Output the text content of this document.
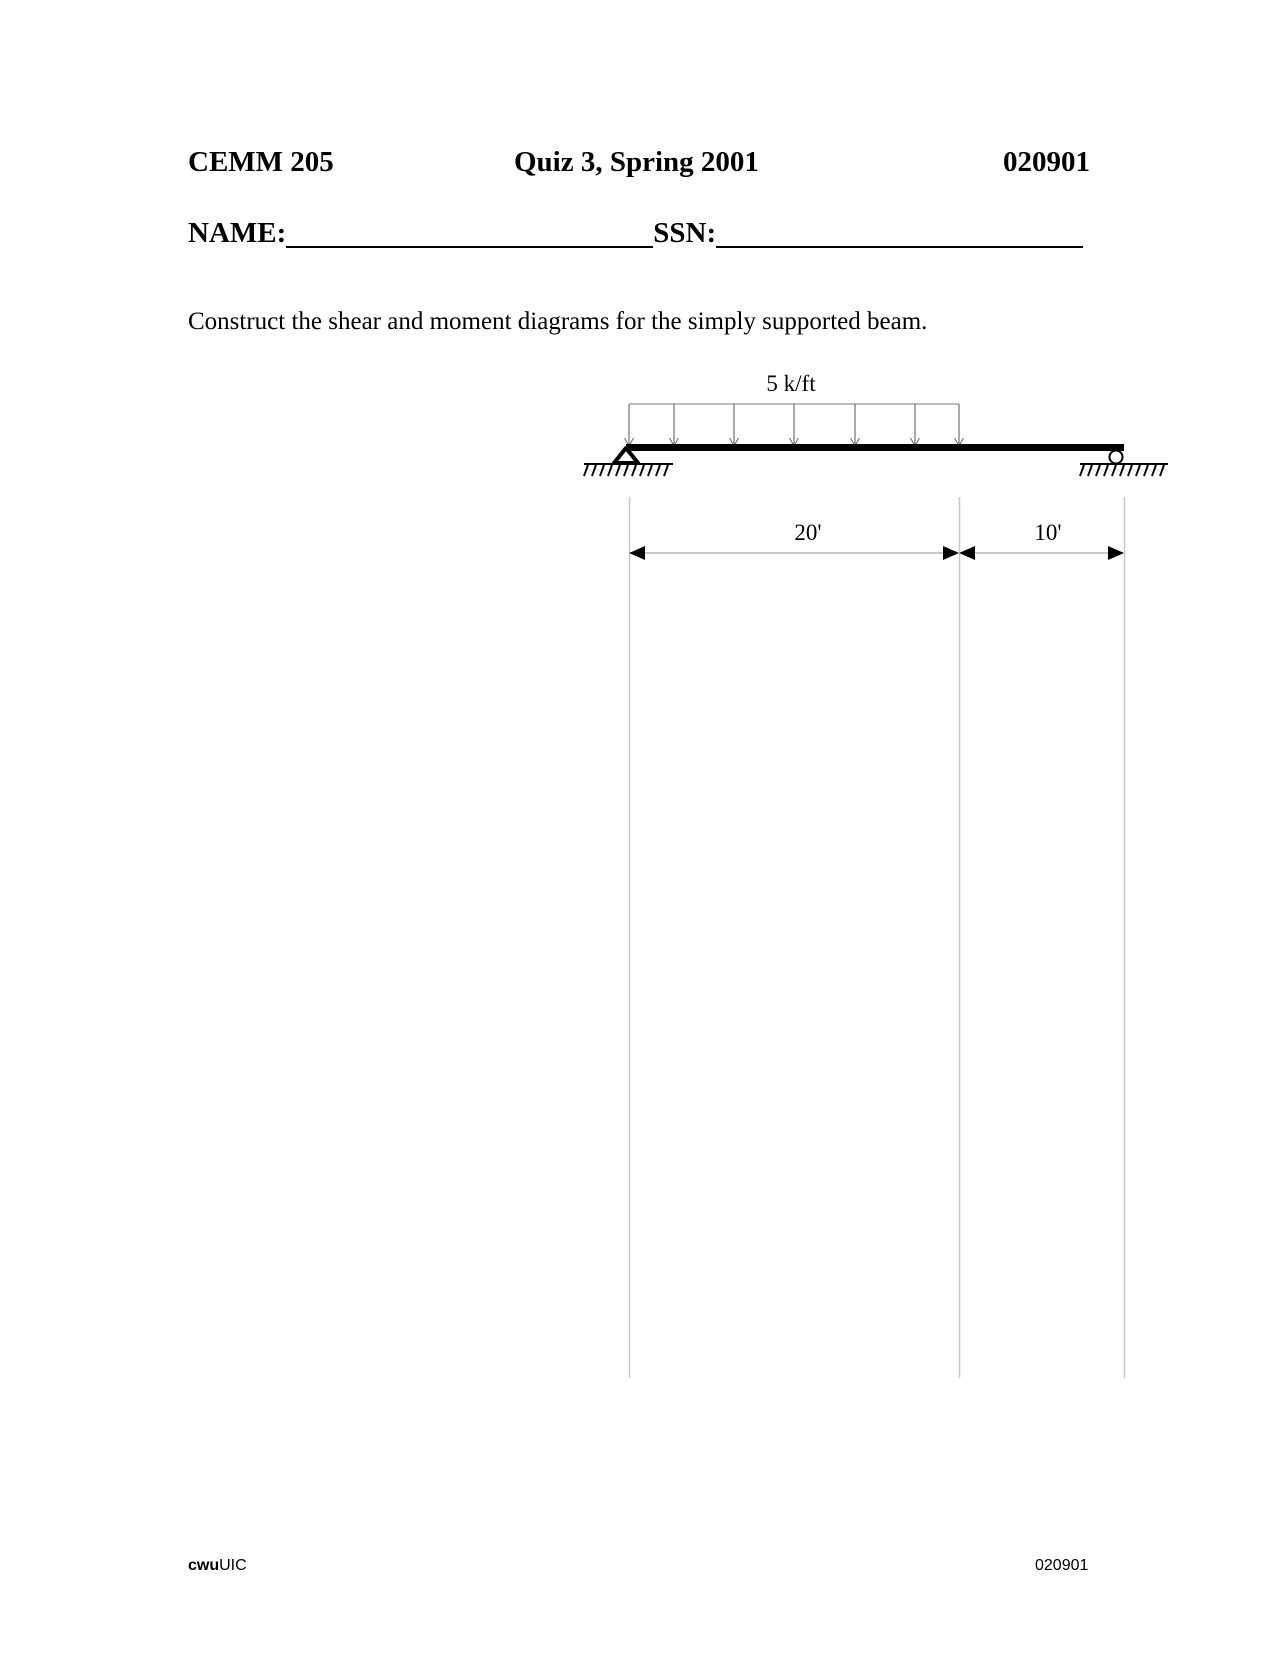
CEMM 205	Quiz 3, Spring 2001	020901
NAME:	SSN:
Construct the shear and moment diagrams for the simply supported beam.
5 k/ft
20'	10'
cwuUIC	020901
